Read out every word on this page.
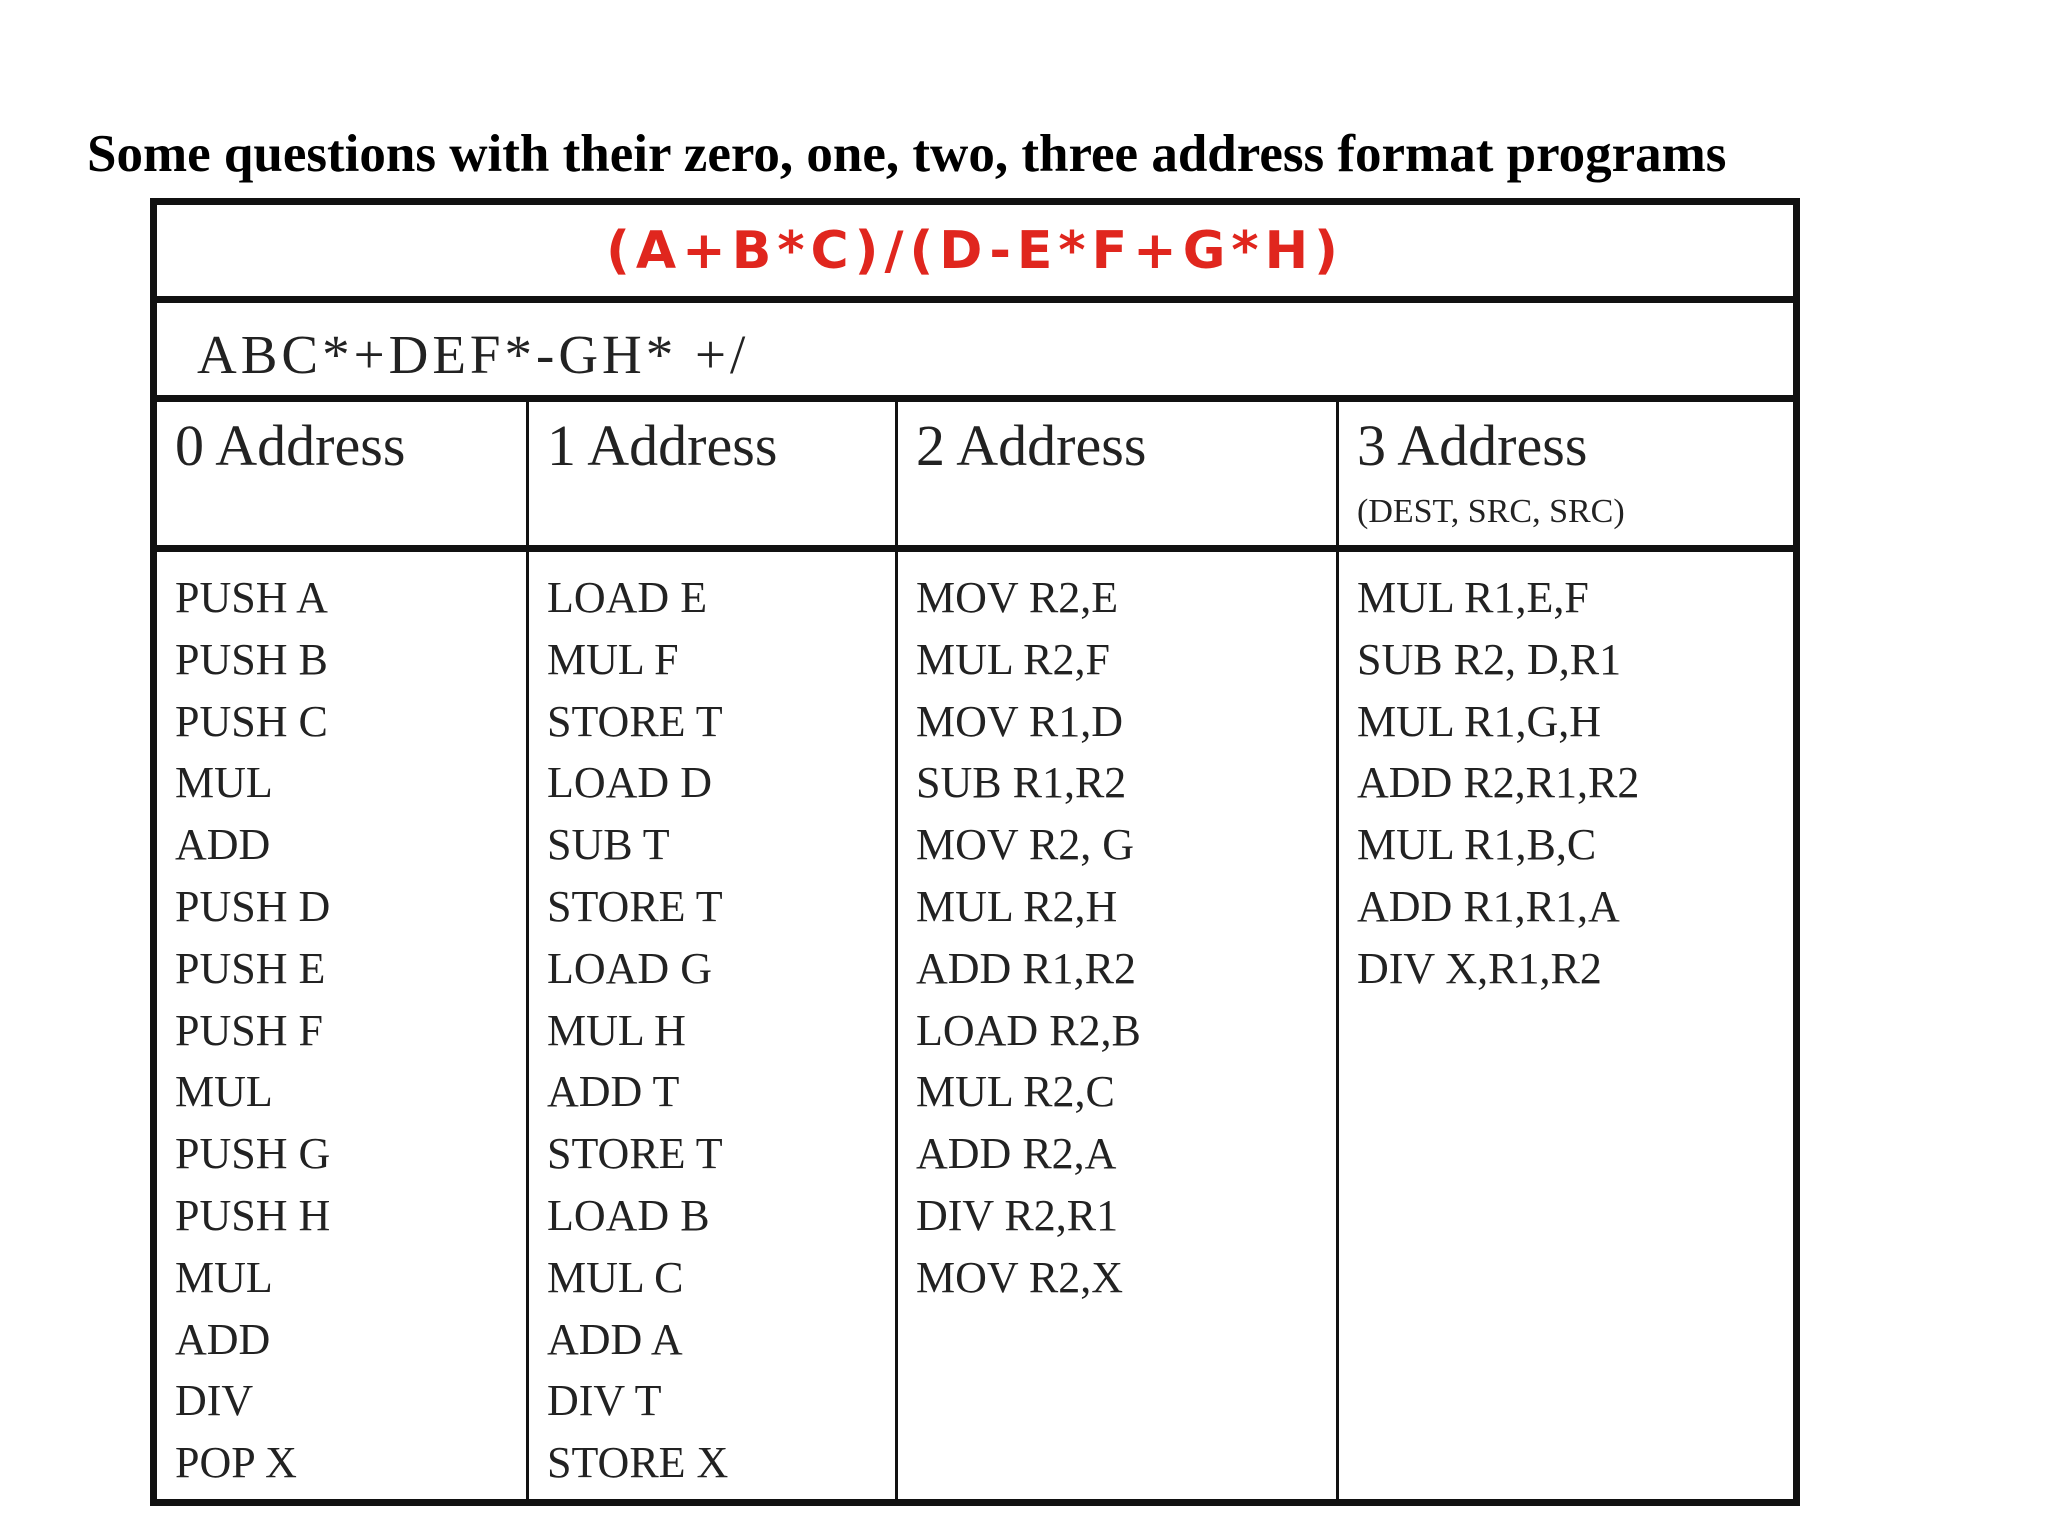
Some questions with their zero, one, two, three address format programs
(A+B*C)/(D-E*F+G*H)
ABC*+DEF*-GH* +/
0 Address 1 Address 2 Address	3 Address
(DEST, SRC, SRC)
PUSH A
PUSH B
PUSH C
MUL
ADD
PUSH D
PUSH E
PUSH F
MUL
PUSH G
PUSH H
MUL
ADD
DIV
POP X
LOAD E
MUL F
STORE T
LOAD D
SUB T
STORE T
LOAD G
MUL H
ADD T
STORE T
LOAD B
MUL C
ADD A
DIV T
STORE X
MOV R2,E
MUL R2,F
MOV R1,D
SUB R1,R2
MOV R2, G
MUL R2,H
ADD R1,R2
LOAD R2,B
MUL R2,C
ADD R2,A
DIV R2,R1
MOV R2,X
MUL R1,E,F
SUB R2, D,R1
MUL R1,G,H
ADD R2,R1,R2
MUL R1,B,C
ADD R1,R1,A
DIV X,R1,R2
